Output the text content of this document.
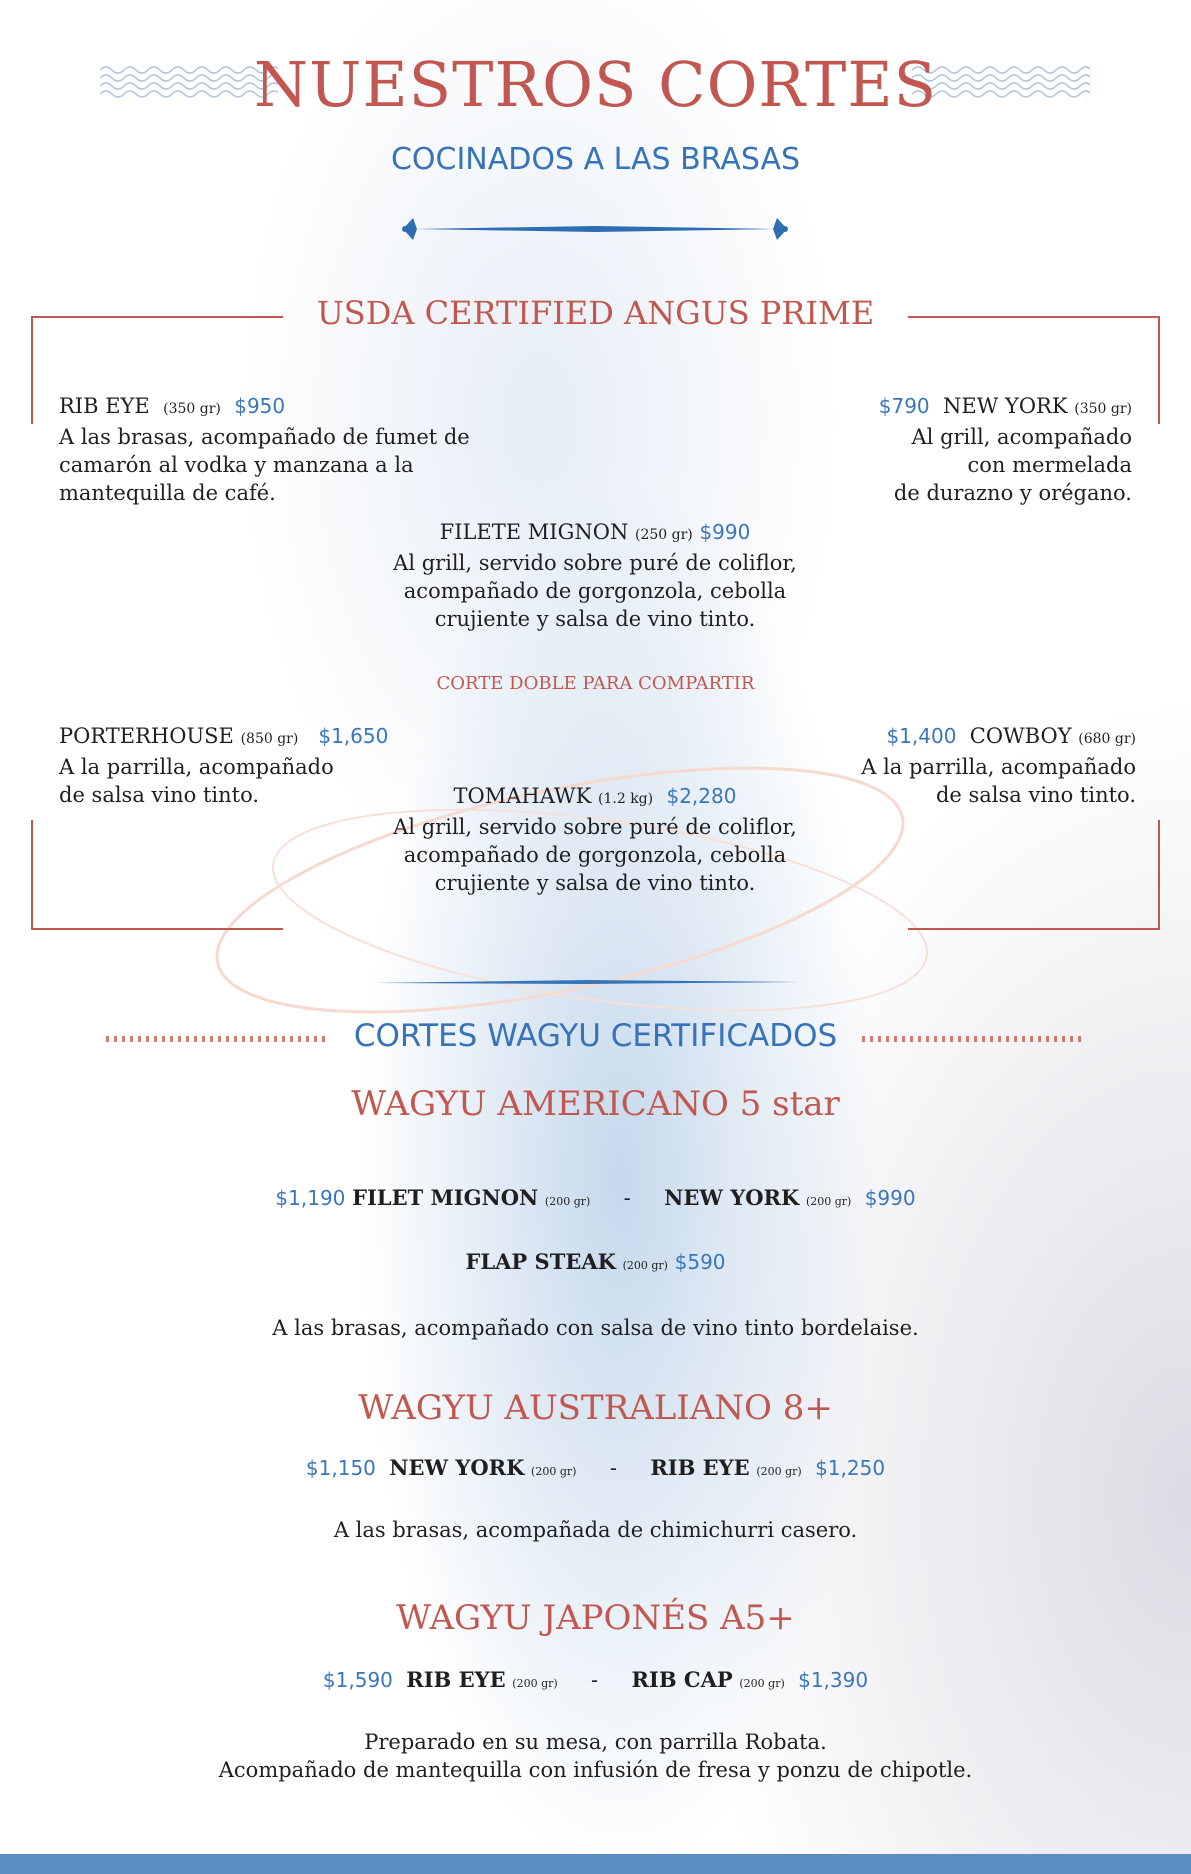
NUESTROS CORTES
COCINADOS A LAS BRASAS
USDA CERTIFIED ANGUS PRIME
RIB EYE (350 gr) $950
A las brasas, acompañado de fumet de
camarón al vodka y manzana a la
mantequilla de café.
$790 NEW YORK (350 gr)
Al grill, acompañado
con mermelada
de durazno y orégano.
FILETE MIGNON (250 gr) $990
Al grill, servido sobre puré de coliflor,
acompañado de gorgonzola, cebolla
crujiente y salsa de vino tinto.
CORTE DOBLE PARA COMPARTIR
PORTERHOUSE (850 gr) $1,650
A la parrilla, acompañado
de salsa vino tinto.
$1,400 COWBOY (680 gr)
A la parrilla, acompañado
de salsa vino tinto.
TOMAHAWK (1.2 kg) $2,280
Al grill, servido sobre puré de coliflor,
acompañado de gorgonzola, cebolla
crujiente y salsa de vino tinto.
CORTES WAGYU CERTIFICADOS
WAGYU AMERICANO 5 star
$1,190 FILET MIGNON (200 gr) - NEW YORK (200 gr) $990
FLAP STEAK (200 gr) $590
A las brasas, acompañado con salsa de vino tinto bordelaise.
WAGYU AUSTRALIANO 8+
$1,150 NEW YORK (200 gr) - RIB EYE (200 gr) $1,250
A las brasas, acompañada de chimichurri casero.
WAGYU JAPONÉS A5+
$1,590 RIB EYE (200 gr) - RIB CAP (200 gr) $1,390
Preparado en su mesa, con parrilla Robata.
Acompañado de mantequilla con infusión de fresa y ponzu de chipotle.
